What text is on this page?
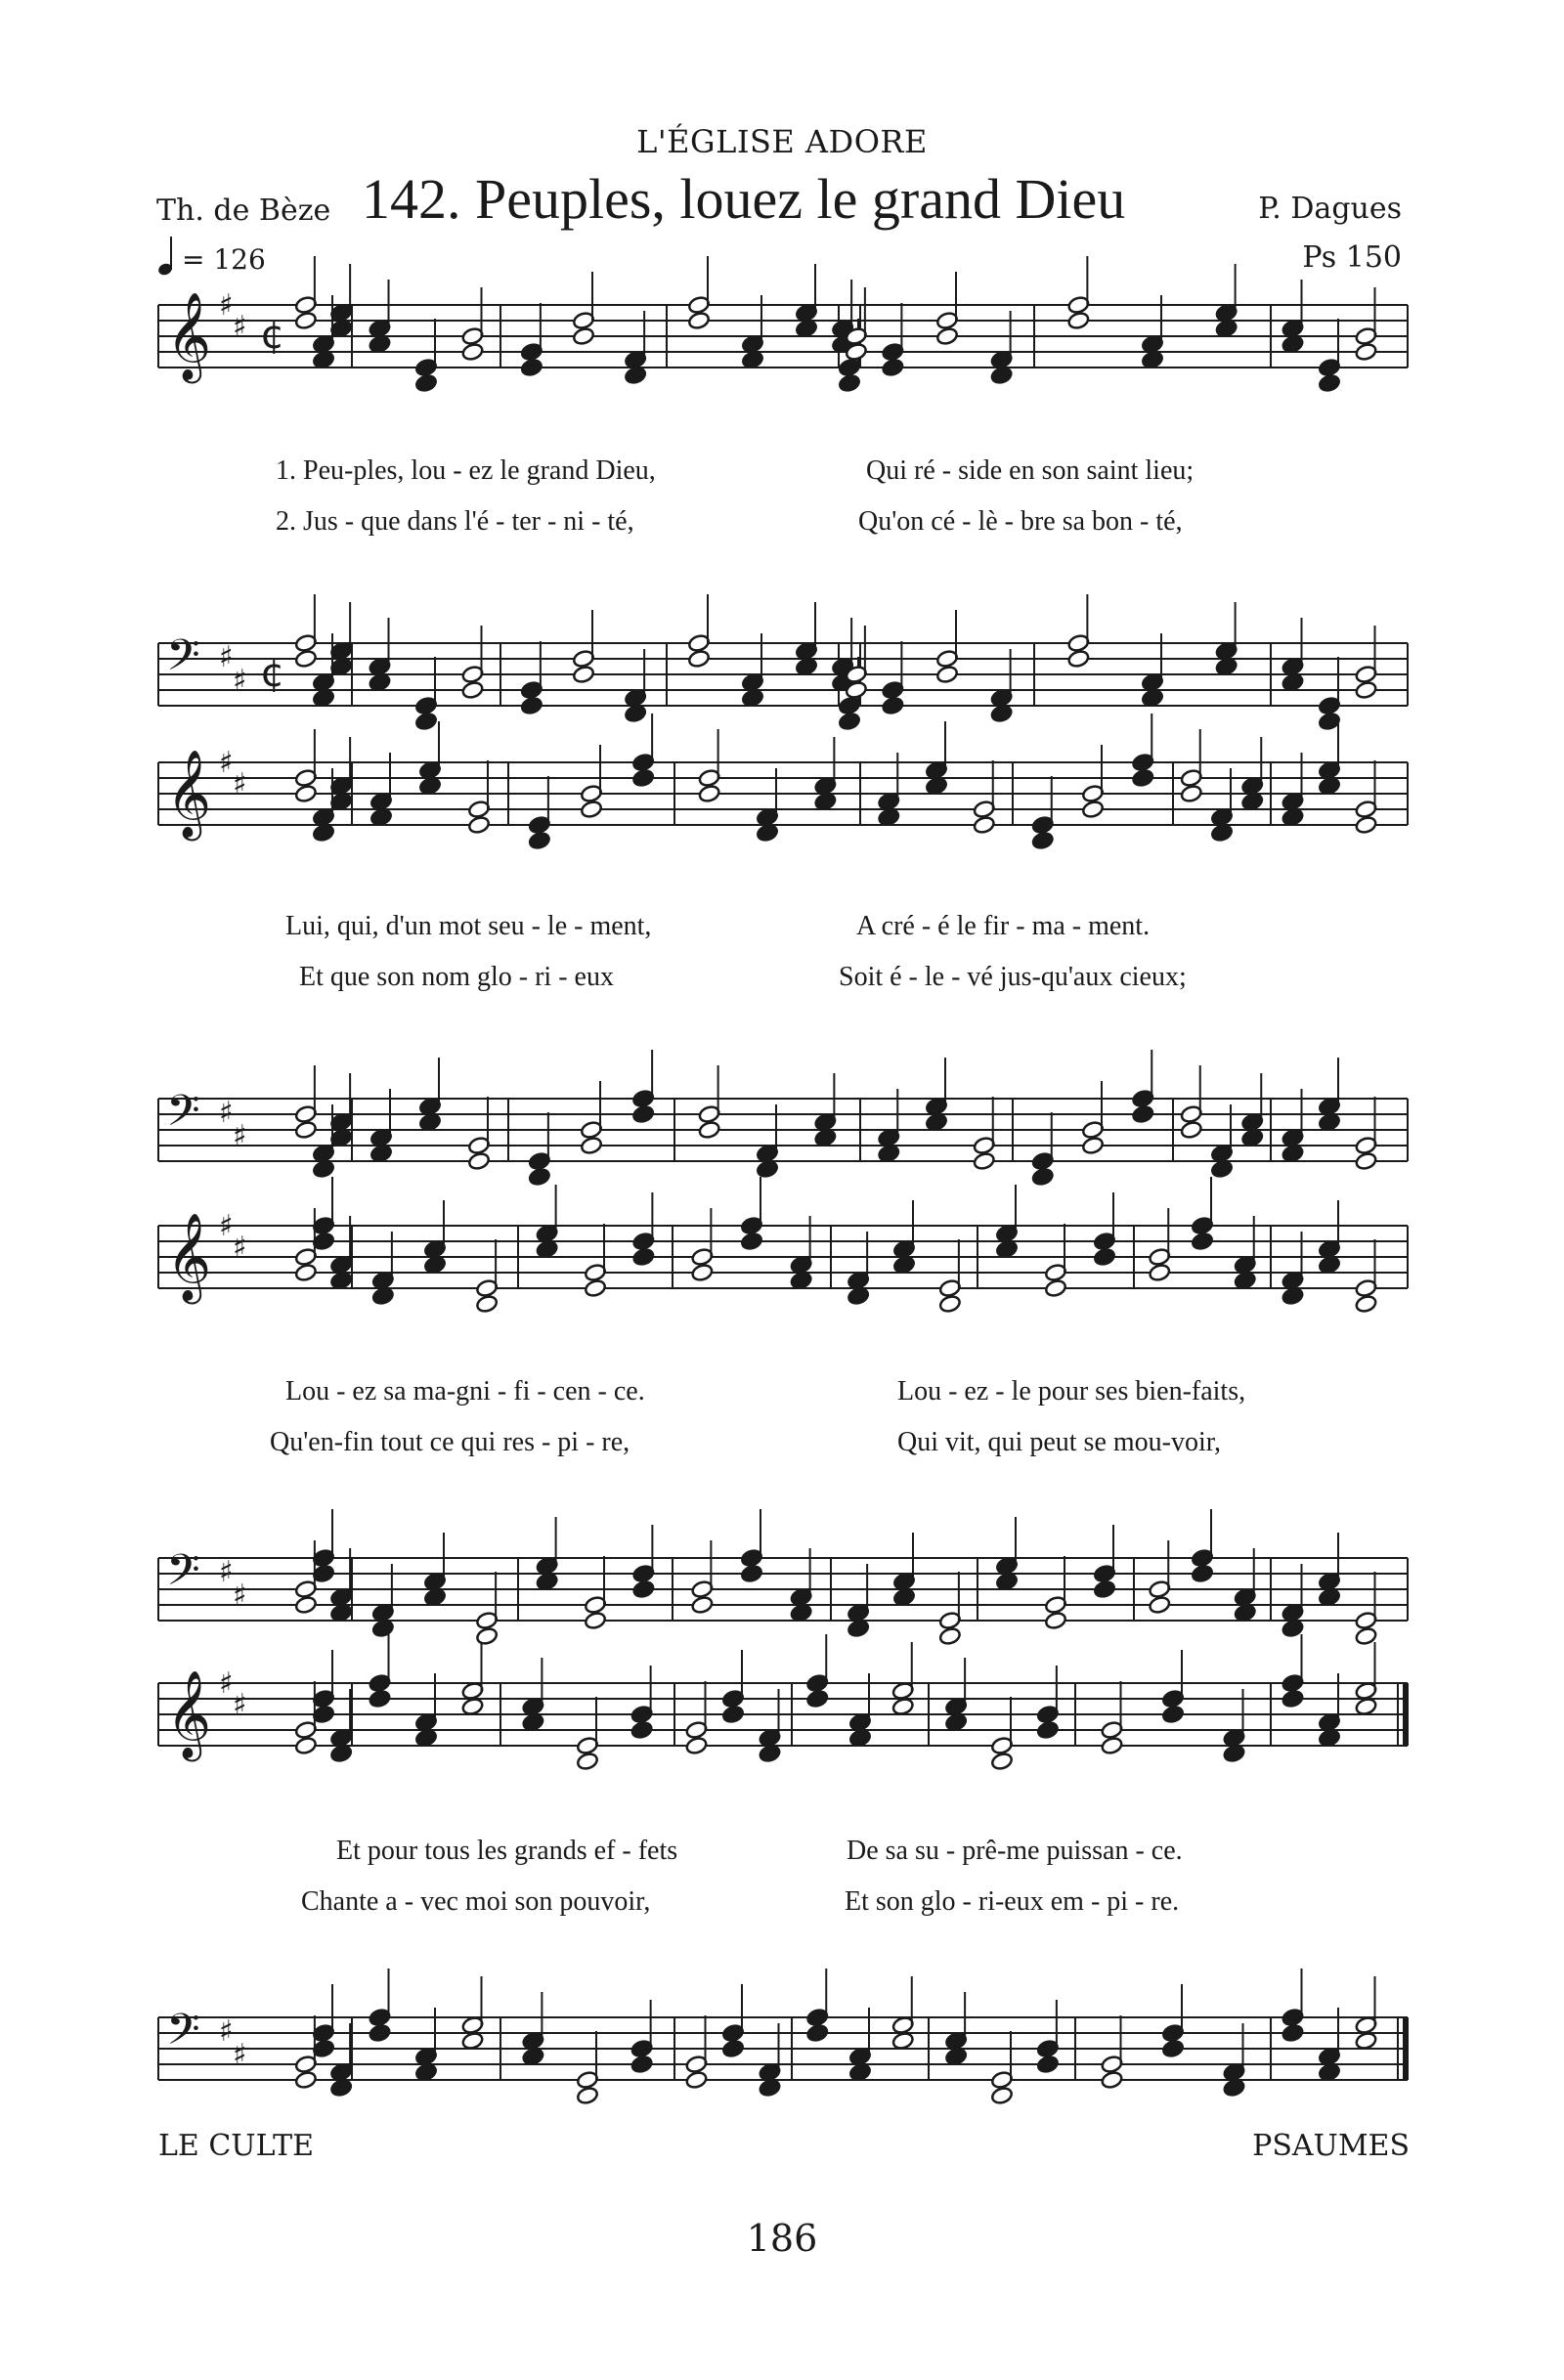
L'ÉGLISE ADORE
Th. de Bèze 142. Peuples, louez le grand Dieu	P. Dagues
Ps 150
= 126
𝄞 ♯
♯ ¢
𝄞 ♯
♯
𝄞 ♯
♯
𝄞 ♯
♯
𝄢 ♯
♯ ¢
𝄢 ♯
♯
𝄢 ♯
♯
𝄢 ♯
♯
1. Peu-ples, lou - ez le grand Dieu,	Qui ré - side en son saint lieu;
2. Jus - que dans l'é - ter - ni - té,	Qu'on cé - lè - bre sa bon - té,
Lui, qui, d'un mot seu - le - ment,	A cré - é le fir - ma - ment.
Et que son nom glo - ri - eux	Soit é - le - vé jus-qu'aux cieux;
Lou - ez sa ma-gni - fi - cen - ce.	Lou - ez - le pour ses bien-faits,
Qu'en-fin tout ce qui res - pi - re,	Qui vit, qui peut se mou-voir,
Et pour tous les grands ef - fets	De sa su - prê-me puissan - ce.
Chante a - vec moi son pouvoir,	Et son glo - ri-eux em - pi - re.
LE CULTE	PSAUMES
186
